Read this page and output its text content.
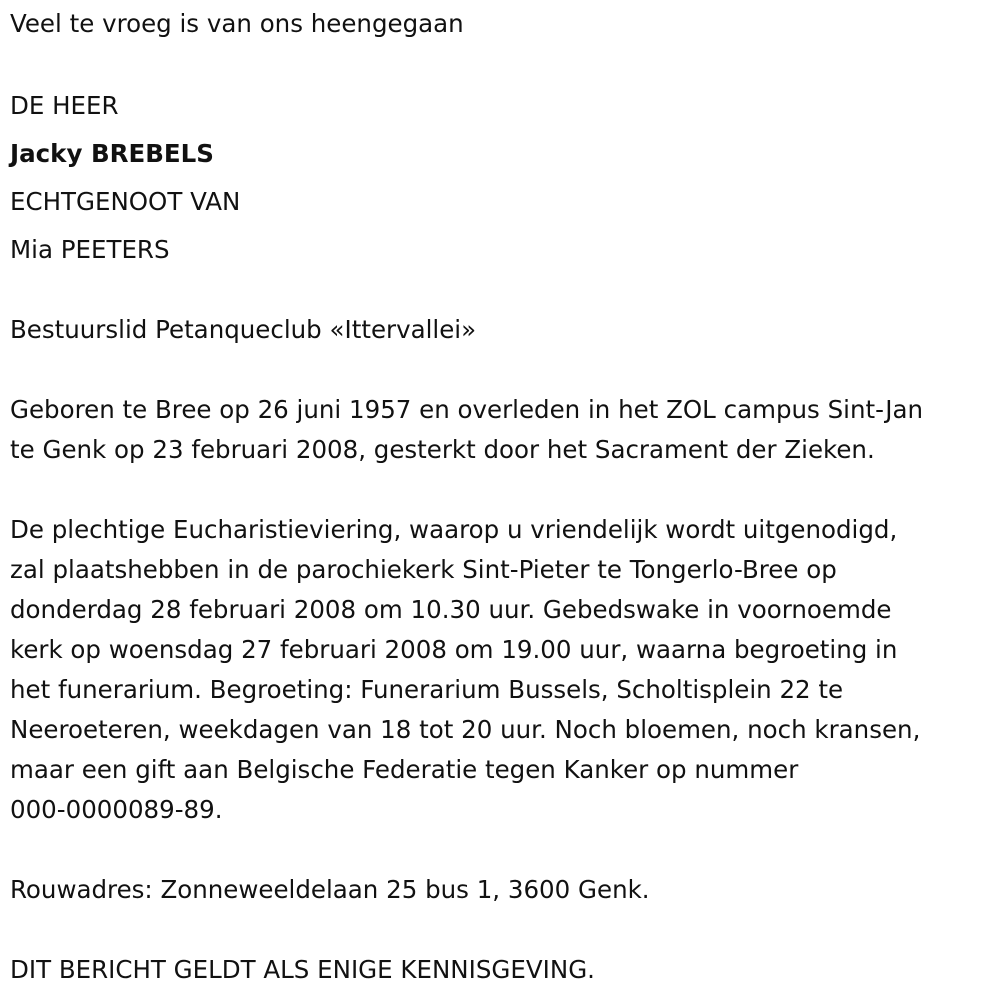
Veel te vroeg is van ons heengegaan

DE HEER

Jacky BREBELS

ECHTGENOOT VAN

Mia PEETERS

Bestuurslid Petanqueclub «Ittervallei»

Geboren te Bree op 26 juni 1957 en overleden in het ZOL campus Sint-Jan
te Genk op 23 februari 2008, gesterkt door het Sacrament der Zieken.
De plechtige Eucharistieviering, waarop u vriendelijk wordt uitgenodigd,
zal plaatshebben in de parochiekerk Sint-Pieter te Tongerlo-Bree op
donderdag 28 februari 2008 om 10.30 uur. Gebedswake in voornoemde
kerk op woensdag 27 februari 2008 om 19.00 uur, waarna begroeting in
het funerarium. Begroeting: Funerarium Bussels, Scholtisplein 22 te
Neeroeteren, weekdagen van 18 tot 20 uur. Noch bloemen, noch kransen,
maar een gift aan Belgische Federatie tegen Kanker op nummer
000-0000089-89.

Rouwadres: Zonneweeldelaan 25 bus 1, 3600 Genk.

DIT BERICHT GELDT ALS ENIGE KENNISGEVING.
